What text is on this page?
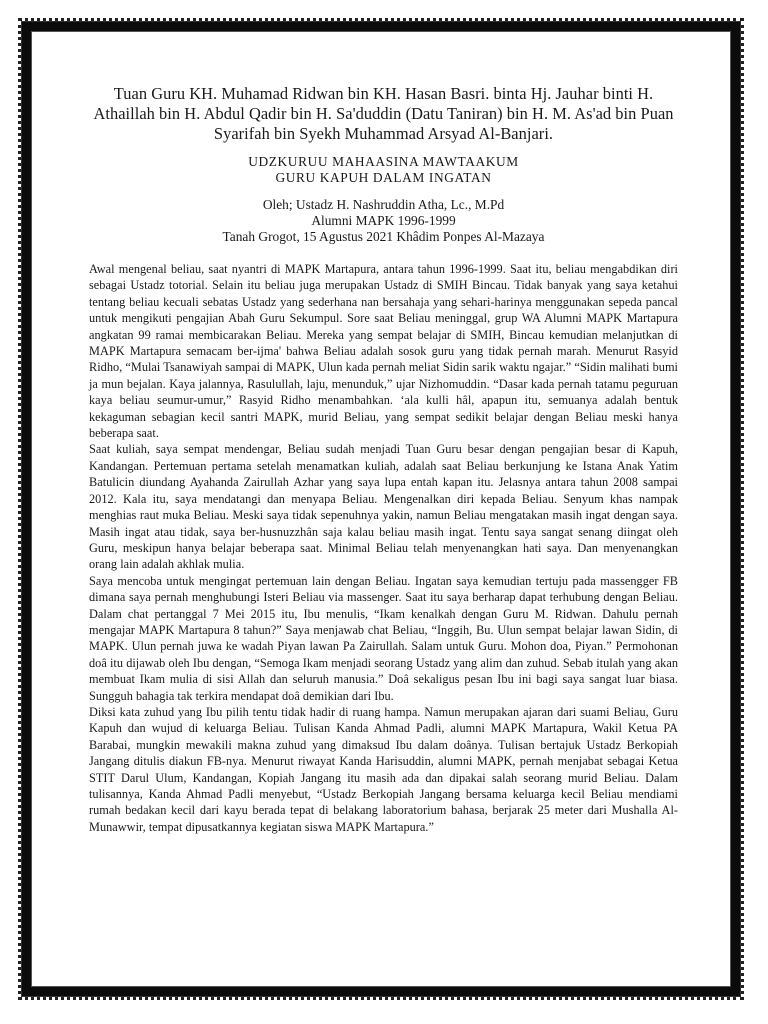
Tuan Guru KH. Muhamad Ridwan bin KH. Hasan Basri. binta Hj. Jauhar binti H. Athaillah bin H. Abdul Qadir bin H. Sa'duddin (Datu Taniran) bin H. M. As'ad bin Puan Syarifah bin Syekh Muhammad Arsyad Al-Banjari.

UDZKURUU MAHAASINA MAWTAAKUM
GURU KAPUH DALAM INGATAN
Oleh; Ustadz H. Nashruddin Atha, Lc., M.Pd
Alumni MAPK 1996-1999
Tanah Grogot, 15 Agustus 2021 Khâdim Ponpes Al-Mazaya

Awal mengenal beliau, saat nyantri di MAPK Martapura, antara tahun 1996-1999. Saat itu, beliau mengabdikan diri sebagai Ustadz totorial. Selain itu beliau juga merupakan Ustadz di SMIH Bincau. Tidak banyak yang saya ketahui tentang beliau kecuali sebatas Ustadz yang sederhana nan bersahaja yang sehari-harinya menggunakan sepeda pancal untuk mengikuti pengajian Abah Guru Sekumpul. Sore saat Beliau meninggal, grup WA Alumni MAPK Martapura angkatan 99 ramai membicarakan Beliau. Mereka yang sempat belajar di SMIH, Bincau kemudian melanjutkan di MAPK Martapura semacam ber-ijma' bahwa Beliau adalah sosok guru yang tidak pernah marah. Menurut Rasyid Ridho, “Mulai Tsanawiyah sampai di MAPK, Ulun kada pernah meliat Sidin sarik waktu ngajar.” “Sidin malihati bumi ja mun bejalan. Kaya jalannya, Rasulullah, laju, menunduk,” ujar Nizhomuddin. “Dasar kada pernah tatamu peguruan kaya beliau seumur-umur,” Rasyid Ridho menambahkan. ‘ala kulli hâl, apapun itu, semuanya adalah bentuk kekaguman sebagian kecil santri MAPK, murid Beliau, yang sempat sedikit belajar dengan Beliau meski hanya beberapa saat.

Saat kuliah, saya sempat mendengar, Beliau sudah menjadi Tuan Guru besar dengan pengajian besar di Kapuh, Kandangan. Pertemuan pertama setelah menamatkan kuliah, adalah saat Beliau berkunjung ke Istana Anak Yatim Batulicin diundang Ayahanda Zairullah Azhar yang saya lupa entah kapan itu. Jelasnya antara tahun 2008 sampai 2012. Kala itu, saya mendatangi dan menyapa Beliau. Mengenalkan diri kepada Beliau. Senyum khas nampak menghias raut muka Beliau. Meski saya tidak sepenuhnya yakin, namun Beliau mengatakan masih ingat dengan saya. Masih ingat atau tidak, saya ber-husnuzzhân saja kalau beliau masih ingat. Tentu saya sangat senang diingat oleh Guru, meskipun hanya belajar beberapa saat. Minimal Beliau telah menyenangkan hati saya. Dan menyenangkan orang lain adalah akhlak mulia.

Saya mencoba untuk mengingat pertemuan lain dengan Beliau. Ingatan saya kemudian tertuju pada massengger FB dimana saya pernah menghubungi Isteri Beliau via massenger. Saat itu saya berharap dapat terhubung dengan Beliau. Dalam chat pertanggal 7 Mei 2015 itu, Ibu menulis, “Ikam kenalkah dengan Guru M. Ridwan. Dahulu pernah mengajar MAPK Martapura 8 tahun?” Saya menjawab chat Beliau, “Inggih, Bu. Ulun sempat belajar lawan Sidin, di MAPK. Ulun pernah juwa ke wadah Piyan lawan Pa Zairullah. Salam untuk Guru. Mohon doa, Piyan.” Permohonan doâ itu dijawab oleh Ibu dengan, “Semoga Ikam menjadi seorang Ustadz yang alim dan zuhud. Sebab itulah yang akan membuat Ikam mulia di sisi Allah dan seluruh manusia.” Doâ sekaligus pesan Ibu ini bagi saya sangat luar biasa. Sungguh bahagia tak terkira mendapat doâ demikian dari Ibu.

Diksi kata zuhud yang Ibu pilih tentu tidak hadir di ruang hampa. Namun merupakan ajaran dari suami Beliau, Guru Kapuh dan wujud di keluarga Beliau. Tulisan Kanda Ahmad Padli, alumni MAPK Martapura, Wakil Ketua PA Barabai, mungkin mewakili makna zuhud yang dimaksud Ibu dalam doânya. Tulisan bertajuk Ustadz Berkopiah Jangang ditulis diakun FB-nya. Menurut riwayat Kanda Harisuddin, alumni MAPK, pernah menjabat sebagai Ketua STIT Darul Ulum, Kandangan, Kopiah Jangang itu masih ada dan dipakai salah seorang murid Beliau. Dalam tulisannya, Kanda Ahmad Padli menyebut, “Ustadz Berkopiah Jangang bersama keluarga kecil Beliau mendiami rumah bedakan kecil dari kayu berada tepat di belakang laboratorium bahasa, berjarak 25 meter dari Mushalla Al-Munawwir, tempat dipusatkannya kegiatan siswa MAPK Martapura.”
